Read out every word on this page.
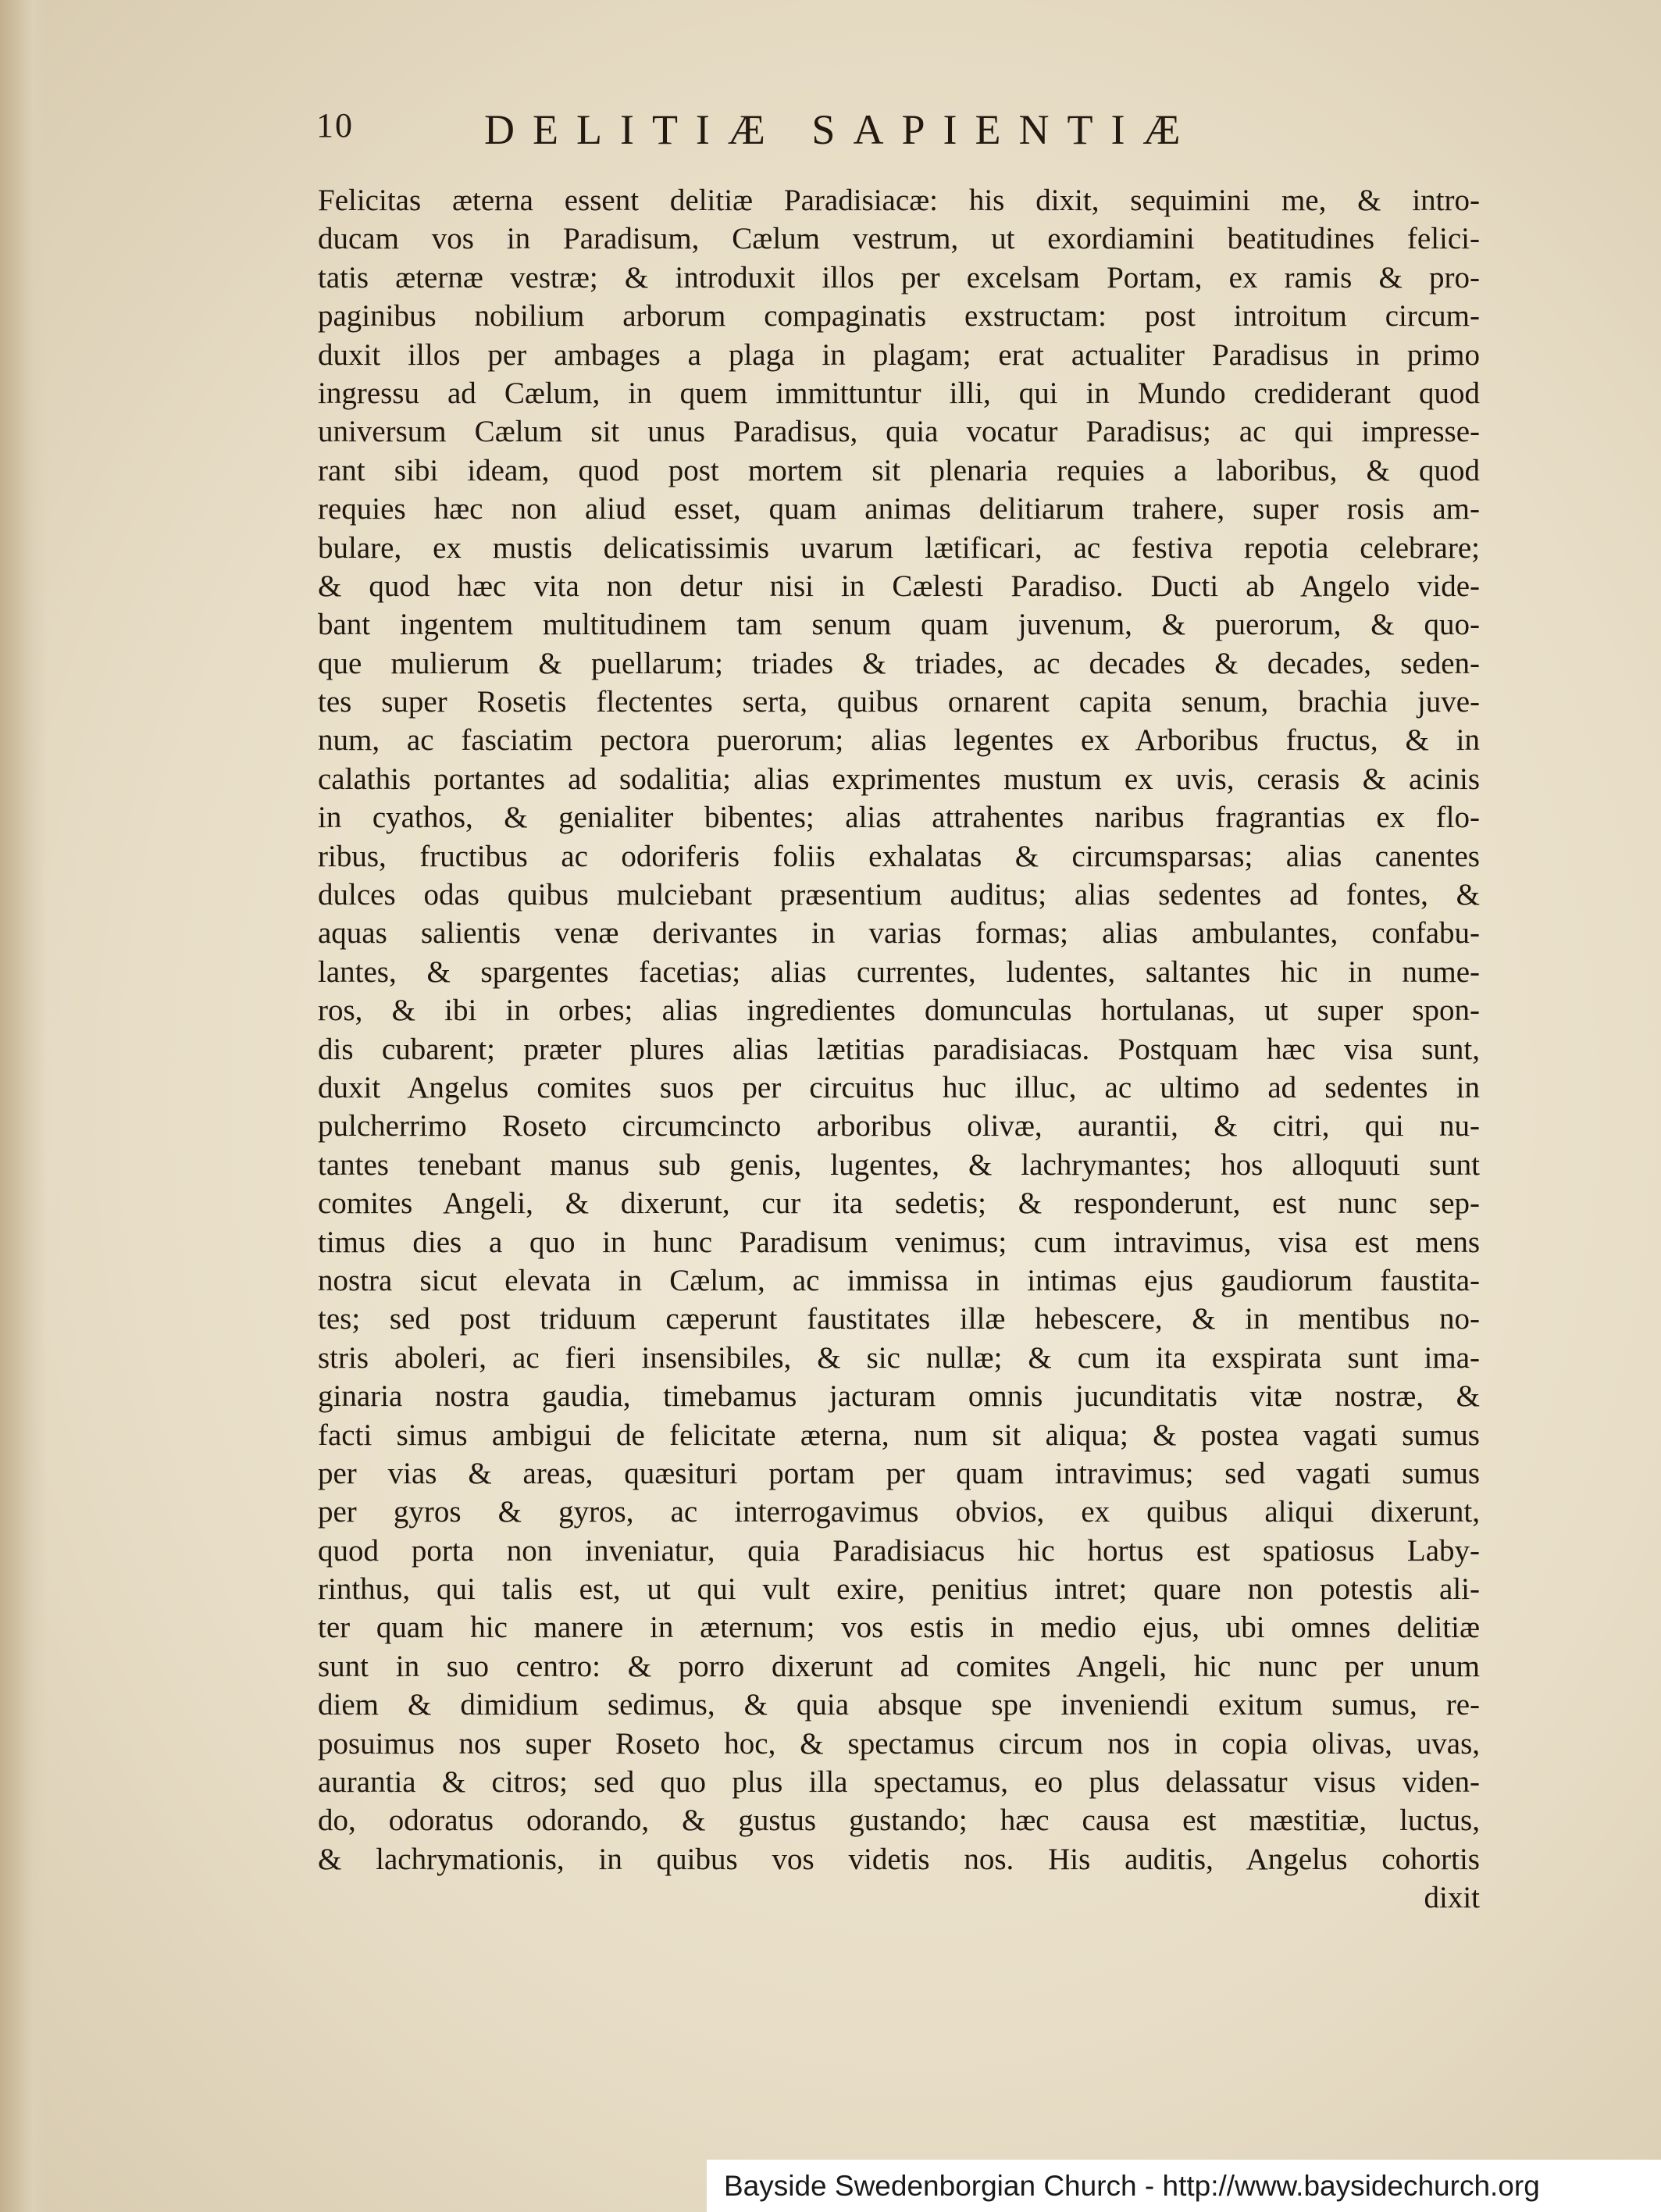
10	DELITIÆ SAPIENTIÆ
Felicitas æterna essent delitiæ Paradisiacæ: his dixit, sequimini me, & intro-
ducam vos in Paradisum, Cælum vestrum, ut exordiamini beatitudines felici-
tatis æternæ vestræ; & introduxit illos per excelsam Portam, ex ramis & pro-
paginibus nobilium arborum compaginatis exstructam: post introitum circum-
duxit illos per ambages a plaga in plagam; erat actualiter Paradisus in primo
ingressu ad Cælum, in quem immittuntur illi, qui in Mundo crediderant quod
universum Cælum sit unus Paradisus, quia vocatur Paradisus; ac qui impresse-
rant sibi ideam, quod post mortem sit plenaria requies a laboribus, & quod
requies hæc non aliud esset, quam animas delitiarum trahere, super rosis am-
bulare, ex mustis delicatissimis uvarum lætificari, ac festiva repotia celebrare;
& quod hæc vita non detur nisi in Cælesti Paradiso. Ducti ab Angelo vide-
bant ingentem multitudinem tam senum quam juvenum, & puerorum, & quo-
que mulierum & puellarum; triades & triades, ac decades & decades, seden-
tes super Rosetis flectentes serta, quibus ornarent capita senum, brachia juve-
num, ac fasciatim pectora puerorum; alias legentes ex Arboribus fructus, & in
calathis portantes ad sodalitia; alias exprimentes mustum ex uvis, cerasis & acinis
in cyathos, & genialiter bibentes; alias attrahentes naribus fragrantias ex flo-
ribus, fructibus ac odoriferis foliis exhalatas & circumsparsas; alias canentes
dulces odas quibus mulciebant præsentium auditus; alias sedentes ad fontes, &
aquas salientis venæ derivantes in varias formas; alias ambulantes, confabu-
lantes, & spargentes facetias; alias currentes, ludentes, saltantes hic in nume-
ros, & ibi in orbes; alias ingredientes domunculas hortulanas, ut super spon-
dis cubarent; præter plures alias lætitias paradisiacas. Postquam hæc visa sunt,
duxit Angelus comites suos per circuitus huc illuc, ac ultimo ad sedentes in
pulcherrimo Roseto circumcincto arboribus olivæ, aurantii, & citri, qui nu-
tantes tenebant manus sub genis, lugentes, & lachrymantes; hos alloquuti sunt
comites Angeli, & dixerunt, cur ita sedetis; & responderunt, est nunc sep-
timus dies a quo in hunc Paradisum venimus; cum intravimus, visa est mens
nostra sicut elevata in Cælum, ac immissa in intimas ejus gaudiorum faustita-
tes; sed post triduum cæperunt faustitates illæ hebescere, & in mentibus no-
stris aboleri, ac fieri insensibiles, & sic nullæ; & cum ita exspirata sunt ima-
ginaria nostra gaudia, timebamus jacturam omnis jucunditatis vitæ nostræ, &
facti simus ambigui de felicitate æterna, num sit aliqua; & postea vagati sumus
per vias & areas, quæsituri portam per quam intravimus; sed vagati sumus
per gyros & gyros, ac interrogavimus obvios, ex quibus aliqui dixerunt,
quod porta non inveniatur, quia Paradisiacus hic hortus est spatiosus Laby-
rinthus, qui talis est, ut qui vult exire, penitius intret; quare non potestis ali-
ter quam hic manere in æternum; vos estis in medio ejus, ubi omnes delitiæ
sunt in suo centro: & porro dixerunt ad comites Angeli, hic nunc per unum
diem & dimidium sedimus, & quia absque spe inveniendi exitum sumus, re-
posuimus nos super Roseto hoc, & spectamus circum nos in copia olivas, uvas,
aurantia & citros; sed quo plus illa spectamus, eo plus delassatur visus viden-
do, odoratus odorando, & gustus gustando; hæc causa est mæstitiæ, luctus,
& lachrymationis, in quibus vos videtis nos. His auditis, Angelus cohortis
dixit
Bayside Swedenborgian Church - http://www.baysidechurch.org
